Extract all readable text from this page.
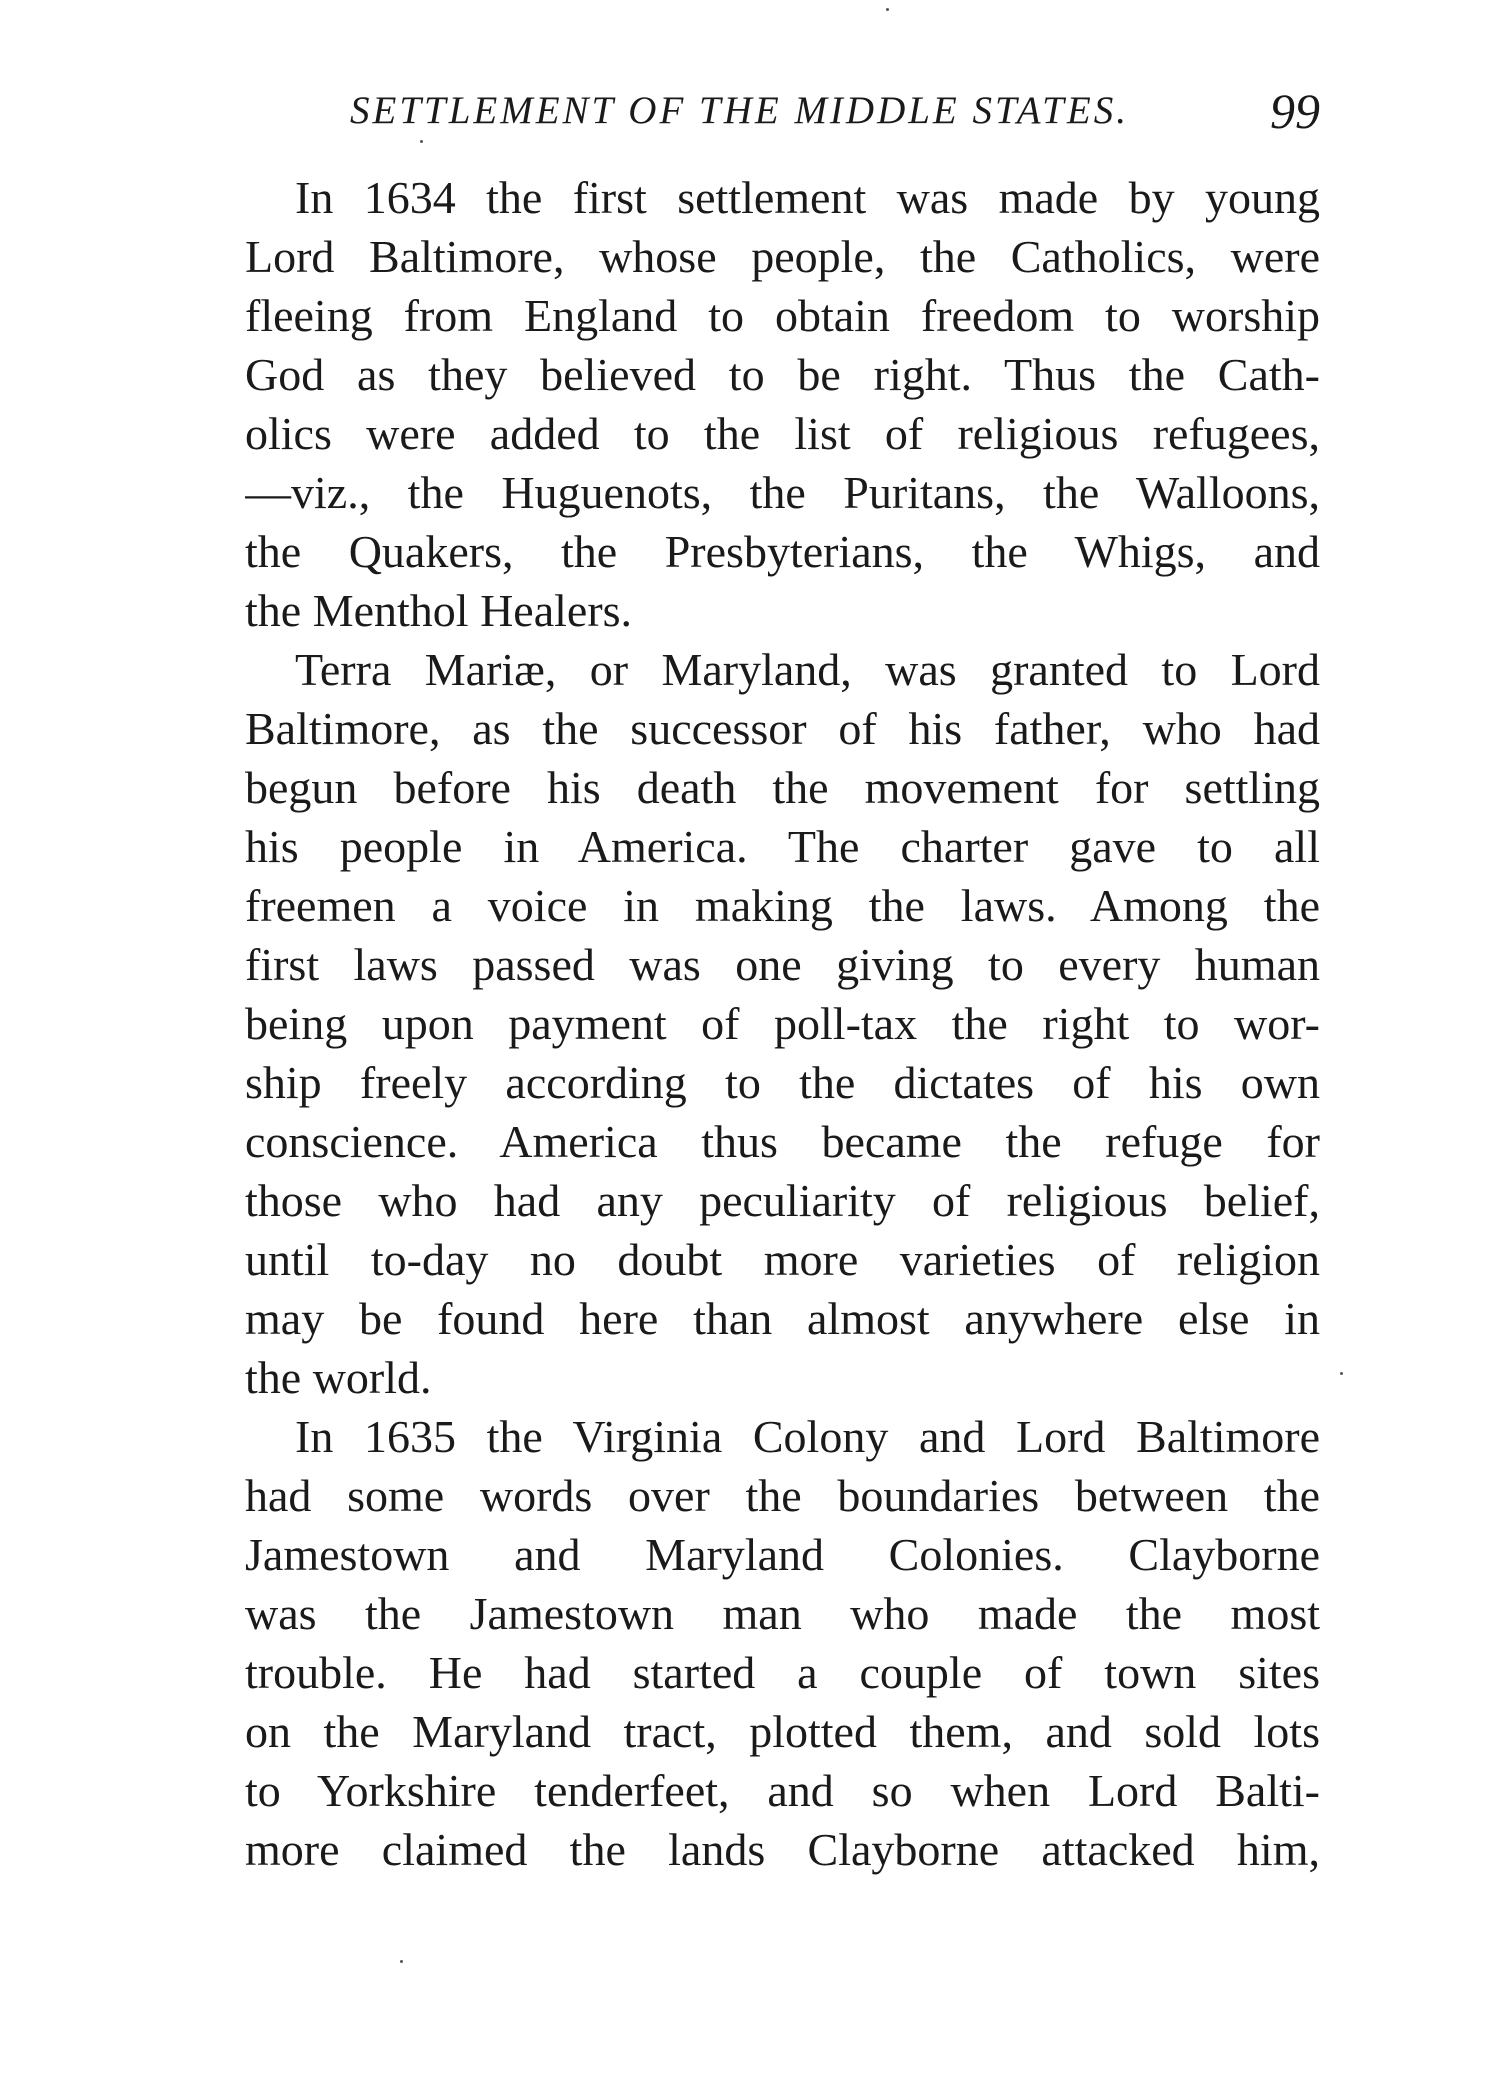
SETTLEMENT OF THE MIDDLE STATES.	99

In 1634 the first settlement was made by young
Lord Baltimore, whose people, the Catholics, were
fleeing from England to obtain freedom to worship
God as they believed to be right. Thus the Cath-
olics were added to the list of religious refugees,
—viz., the Huguenots, the Puritans, the Walloons,
the Quakers, the Presbyterians, the Whigs, and
the Menthol Healers.

Terra Mariæ, or Maryland, was granted to Lord
Baltimore, as the successor of his father, who had
begun before his death the movement for settling
his people in America. The charter gave to all
freemen a voice in making the laws. Among the
first laws passed was one giving to every human
being upon payment of poll-tax the right to wor-
ship freely according to the dictates of his own
conscience. America thus became the refuge for
those who had any peculiarity of religious belief,
until to-day no doubt more varieties of religion
may be found here than almost anywhere else in
the world.

In 1635 the Virginia Colony and Lord Baltimore
had some words over the boundaries between the
Jamestown and Maryland Colonies. Clayborne
was the Jamestown man who made the most
trouble. He had started a couple of town sites
on the Maryland tract, plotted them, and sold lots
to Yorkshire tenderfeet, and so when Lord Balti-
more claimed the lands Clayborne attacked him,
